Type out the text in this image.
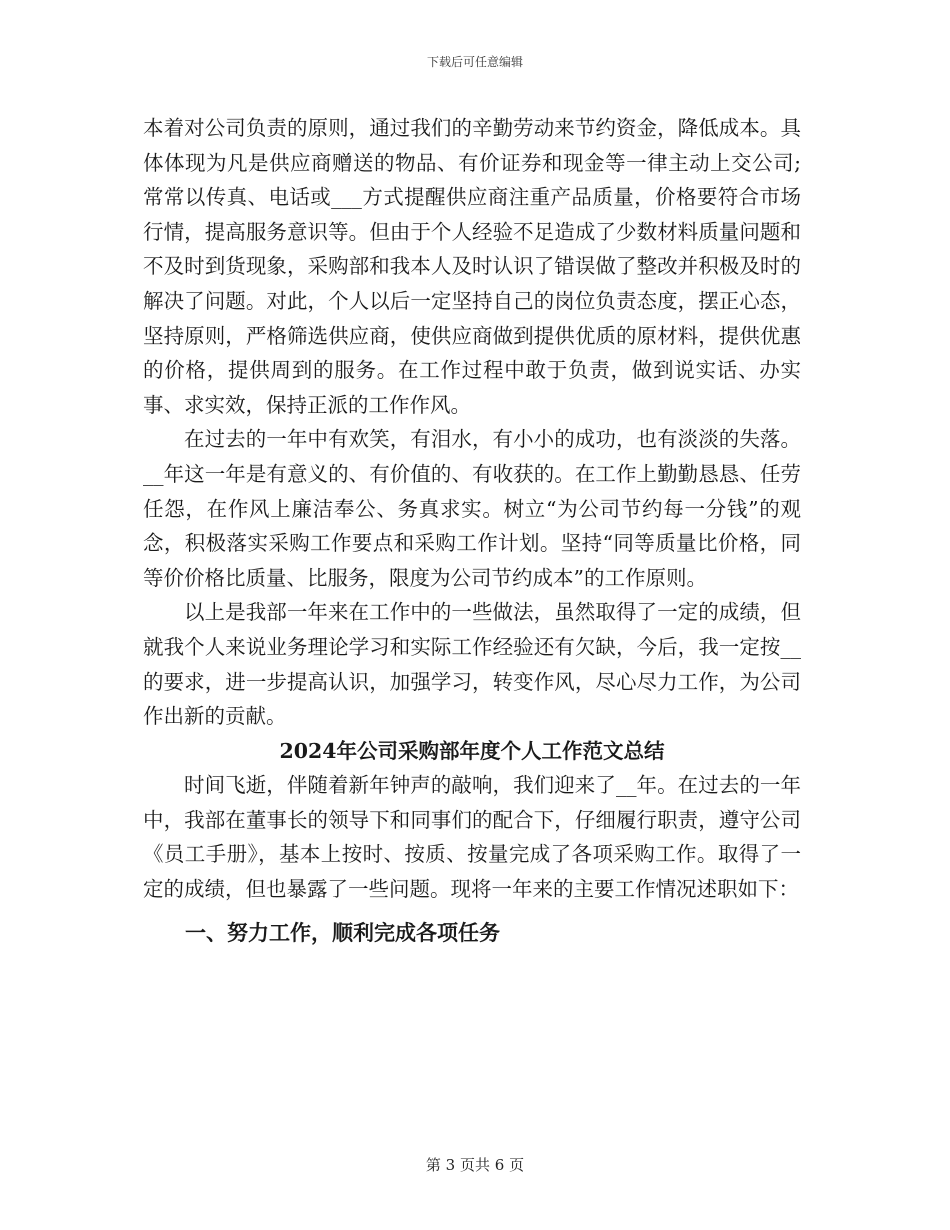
下载后可任意编辑

本着对公司负责的原则，通过我们的辛勤劳动来节约资金，降低成本。具体体现为凡是供应商赠送的物品、有价证券和现金等一律主动上交公司;常常以传真、电话或___方式提醒供应商注重产品质量，价格要符合市场行情，提高服务意识等。但由于个人经验不足造成了少数材料质量问题和不及时到货现象，采购部和我本人及时认识了错误做了整改并积极及时的解决了问题。对此，个人以后一定坚持自己的岗位负责态度，摆正心态，坚持原则，严格筛选供应商，使供应商做到提供优质的原材料，提供优惠的价格，提供周到的服务。在工作过程中敢于负责，做到说实话、办实事、求实效，保持正派的工作作风。

在过去的一年中有欢笑，有泪水，有小小的成功，也有淡淡的失落。__年这一年是有意义的、有价值的、有收获的。在工作上勤勤恳恳、任劳任怨，在作风上廉洁奉公、务真求实。树立“为公司节约每一分钱”的观念，积极落实采购工作要点和采购工作计划。坚持“同等质量比价格，同等价价格比质量、比服务，限度为公司节约成本”的工作原则。

以上是我部一年来在工作中的一些做法，虽然取得了一定的成绩，但就我个人来说业务理论学习和实际工作经验还有欠缺，今后，我一定按__的要求，进一步提高认识，加强学习，转变作风，尽心尽力工作，为公司作出新的贡献。

2024年公司采购部年度个人工作范文总结

时间飞逝，伴随着新年钟声的敲响，我们迎来了__年。在过去的一年中，我部在董事长的领导下和同事们的配合下，仔细履行职责，遵守公司《员工手册》，基本上按时、按质、按量完成了各项采购工作。取得了一定的成绩，但也暴露了一些问题。现将一年来的主要工作情况述职如下：

一、努力工作，顺利完成各项任务

第 3 页共 6 页
